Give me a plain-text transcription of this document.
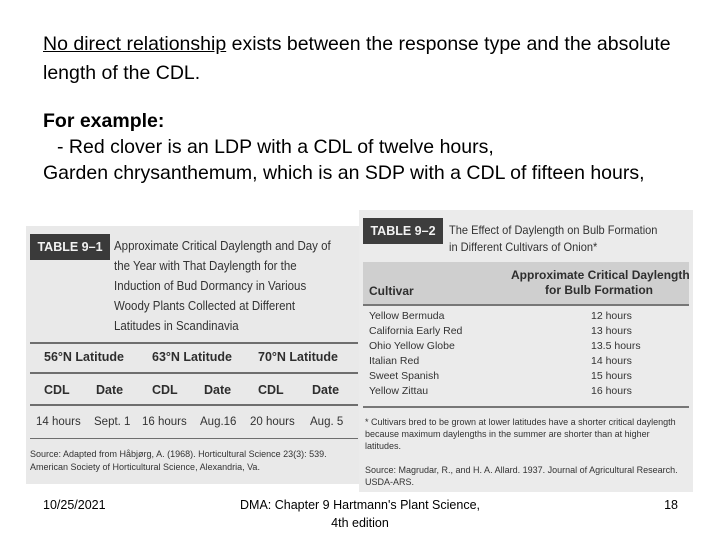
No direct relationship exists between the response type and the absolute length of the CDL.
For example:
- Red clover is an LDP with a CDL of twelve hours,
Garden chrysanthemum, which is an SDP with a CDL of fifteen hours,
TABLE 9–1 Approximate Critical Daylength and Day of the Year with That Daylength for the Induction of Bud Dormancy in Various Woody Plants Collected at Different Latitudes in Scandinavia
56°N Latitude 63°N Latitude 70°N Latitude
CDL Date CDL Date CDL Date
14 hours Sept. 1 16 hours Aug.16 20 hours Aug. 5
Source: Adapted from Håbjørg, A. (1968). Horticultural Science 23(3): 539. American Society of Horticultural Science, Alexandria, Va.
TABLE 9–2	The Effect of Daylength on Bulb Formation in Different Cultivars of Onion*
Cultivar
Approximate Critical Daylength
for Bulb Formation
Yellow Bermuda	12 hours
California Early Red	13 hours
Ohio Yellow Globe	13.5 hours
Italian Red	14 hours
Sweet Spanish	15 hours
Yellow Zittau	16 hours
* Cultivars bred to be grown at lower latitudes have a shorter critical daylength because maximum daylengths in the summer are shorter than at higher latitudes.
Source: Magrudar, R., and H. A. Allard. 1937. Journal of Agricultural Research. USDA-ARS.
10/25/2021	DMA: Chapter 9 Hartmann's Plant Science, 4th edition
18
